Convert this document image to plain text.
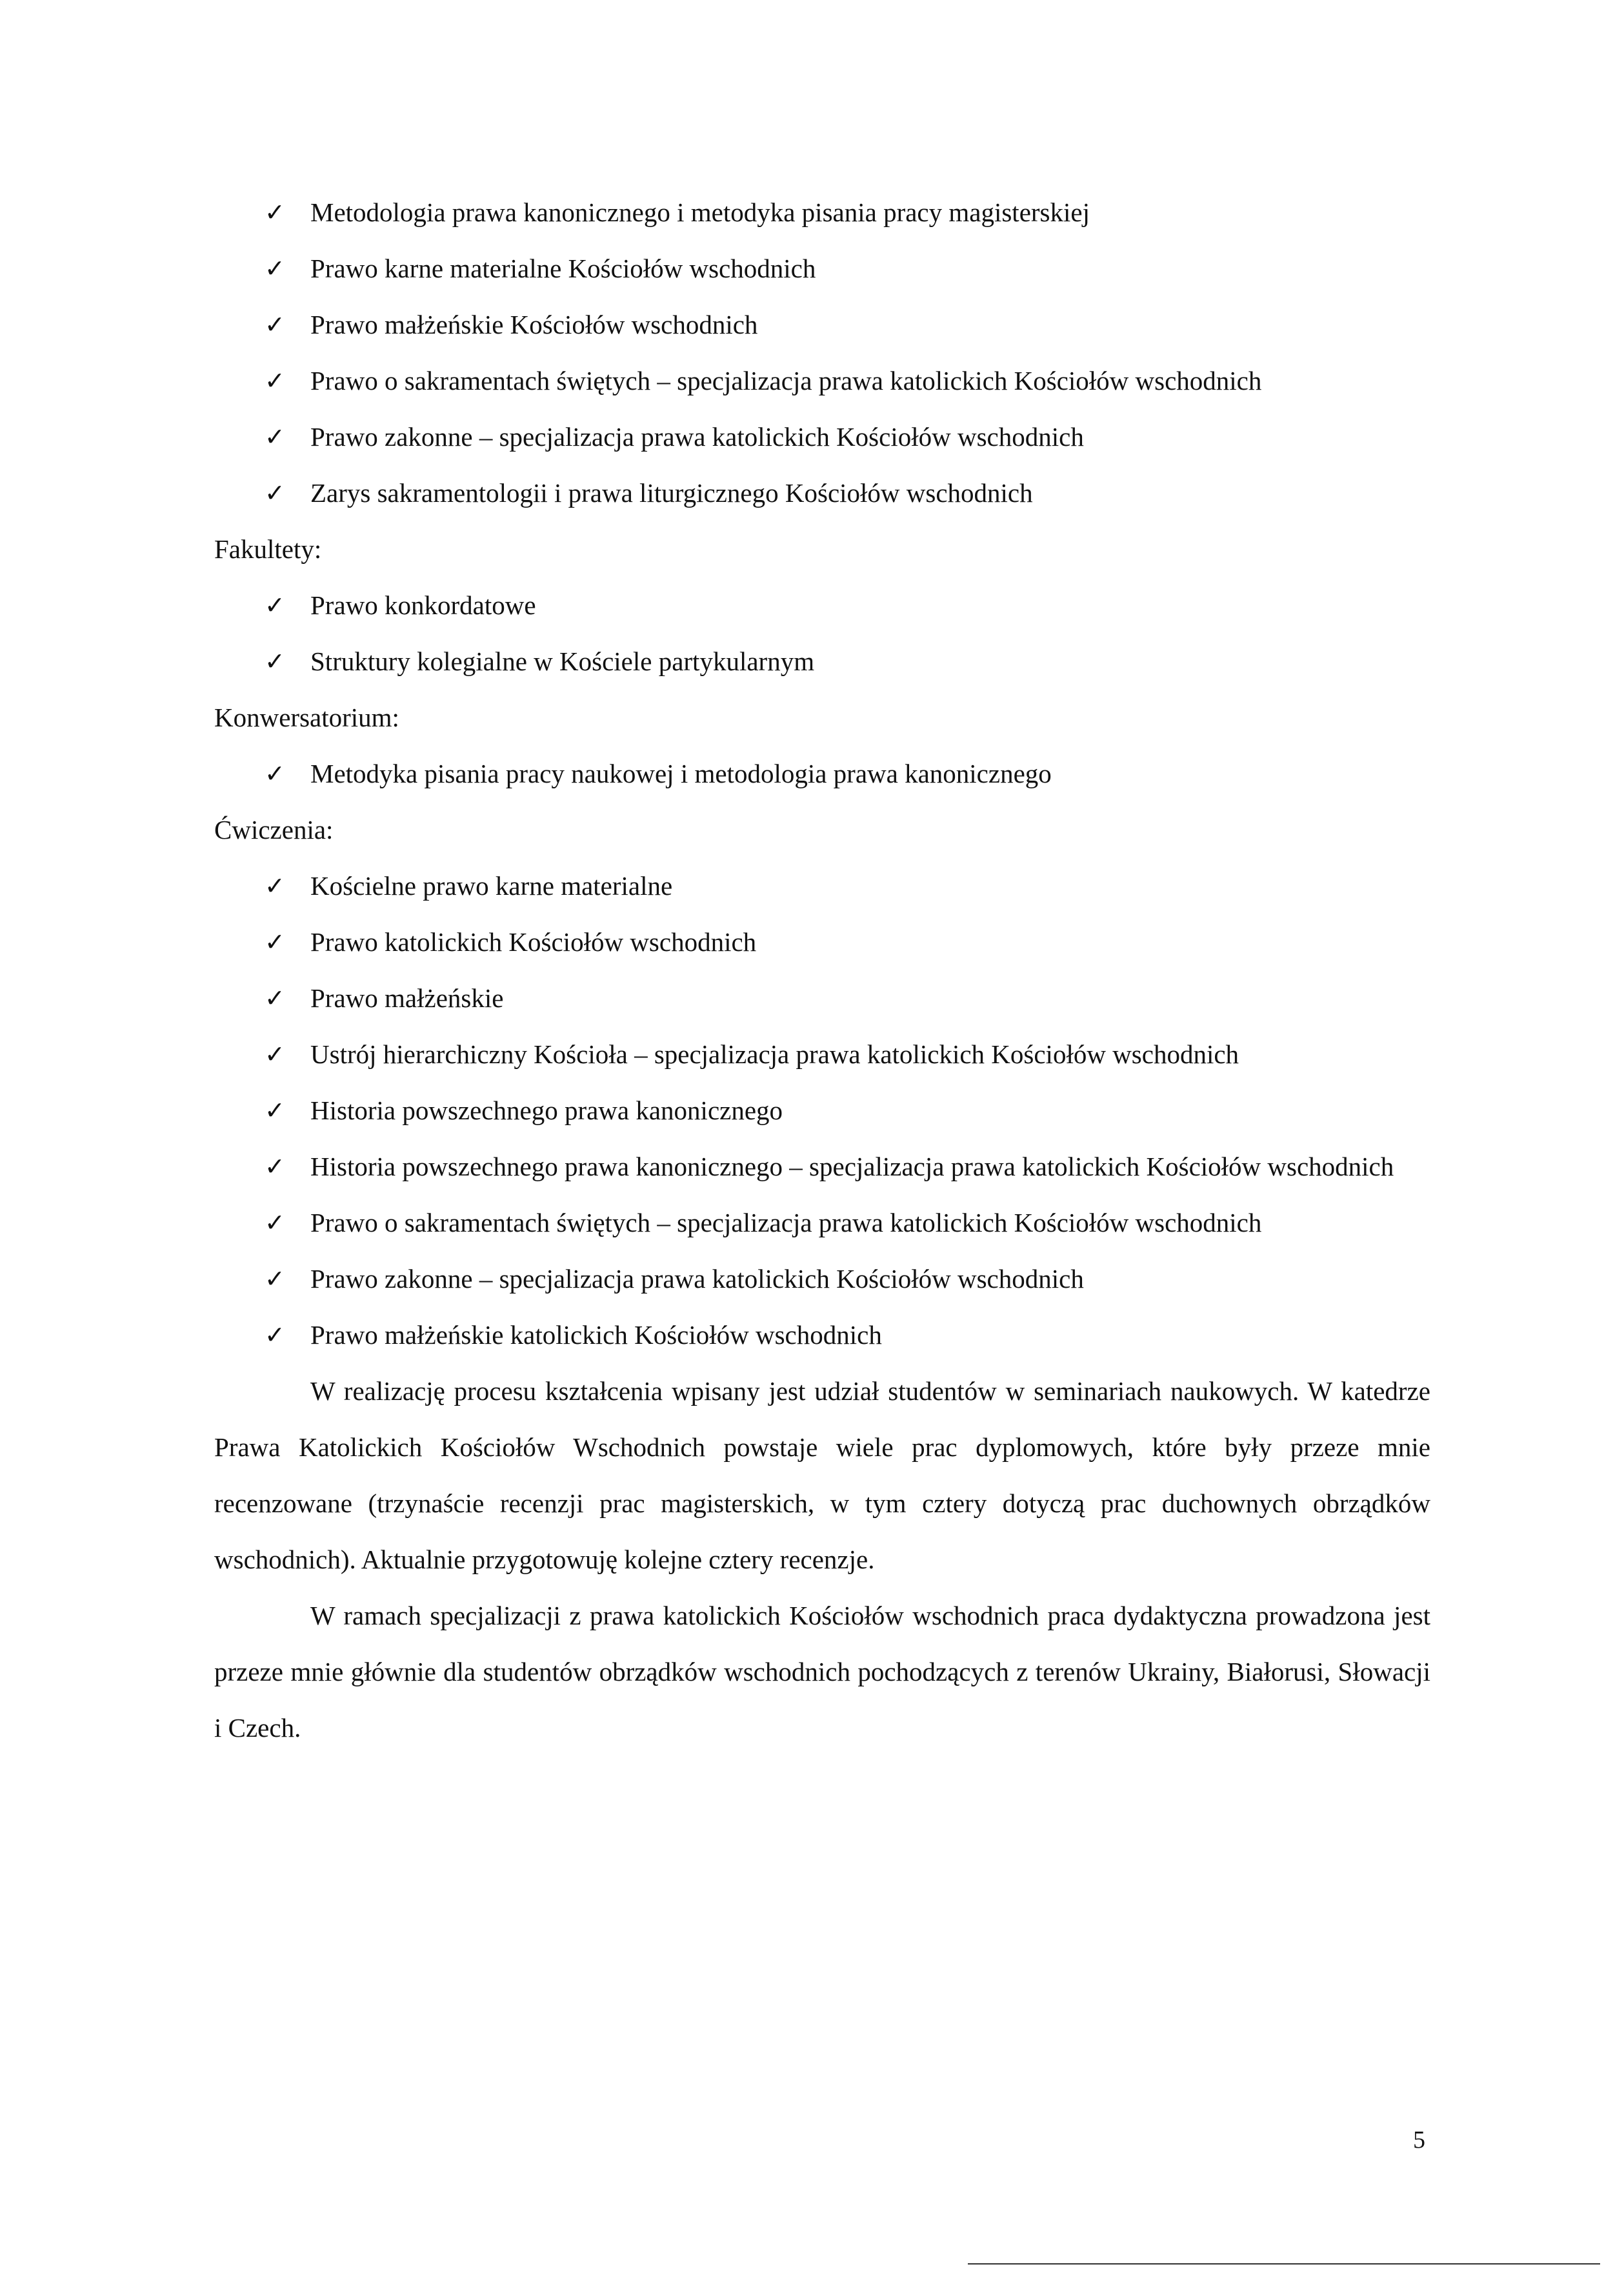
✓ Metodologia prawa kanonicznego i metodyka pisania pracy magisterskiej
✓ Prawo karne materialne Kościołów wschodnich
✓ Prawo małżeńskie Kościołów wschodnich
✓ Prawo o sakramentach świętych – specjalizacja prawa katolickich Kościołów wschodnich
✓ Prawo zakonne – specjalizacja prawa katolickich Kościołów wschodnich
✓ Zarys sakramentologii i prawa liturgicznego Kościołów wschodnich
Fakultety:
✓ Prawo konkordatowe
✓ Struktury kolegialne w Kościele partykularnym
Konwersatorium:
✓ Metodyka pisania pracy naukowej i metodologia prawa kanonicznego
Ćwiczenia:
✓ Kościelne prawo karne materialne
✓ Prawo katolickich Kościołów wschodnich
✓ Prawo małżeńskie
✓ Ustrój hierarchiczny Kościoła – specjalizacja prawa katolickich Kościołów wschodnich
✓ Historia powszechnego prawa kanonicznego
✓ Historia powszechnego prawa kanonicznego – specjalizacja prawa katolickich Kościołów wschodnich
✓ Prawo o sakramentach świętych – specjalizacja prawa katolickich Kościołów wschodnich
✓ Prawo zakonne – specjalizacja prawa katolickich Kościołów wschodnich
✓ Prawo małżeńskie katolickich Kościołów wschodnich

W realizację procesu kształcenia wpisany jest udział studentów w seminariach naukowych. W katedrze Prawa Katolickich Kościołów Wschodnich powstaje wiele prac dyplomowych, które były przeze mnie recenzowane (trzynaście recenzji prac magisterskich, w tym cztery dotyczą prac duchownych obrządków wschodnich). Aktualnie przygotowuję kolejne cztery recenzje.

W ramach specjalizacji z prawa katolickich Kościołów wschodnich praca dydaktyczna prowadzona jest przeze mnie głównie dla studentów obrządków wschodnich pochodzących z terenów Ukrainy, Białorusi, Słowacji i Czech.

5
